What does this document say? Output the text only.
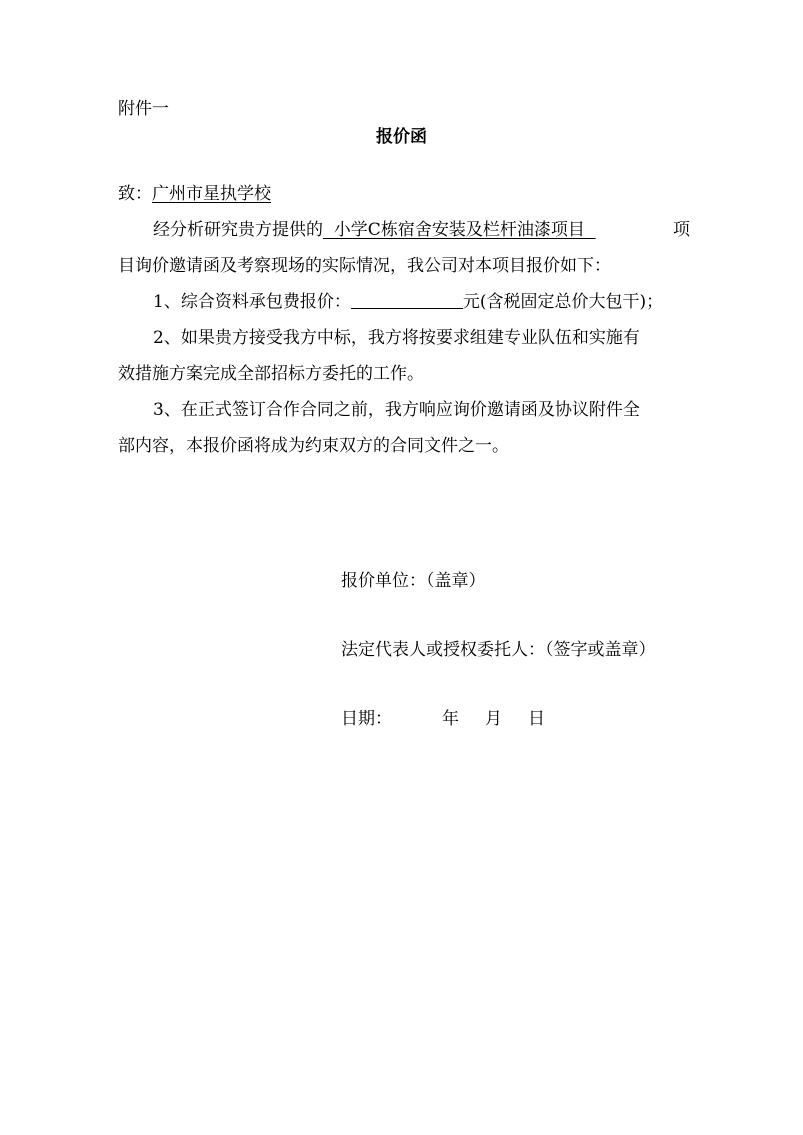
附件一
报价函
致：广州市星执学校
经分析研究贵方提供的  小学C栋宿舍安装及栏杆油漆项目	项
目询价邀请函及考察现场的实际情况，我公司对本项目报价如下：
1、综合资料承包费报价：	元(含税固定总价大包干)；
2、如果贵方接受我方中标，我方将按要求组建专业队伍和实施有
效措施方案完成全部招标方委托的工作。
3、在正式签订合作合同之前，我方响应询价邀请函及协议附件全
部内容，本报价函将成为约束双方的合同文件之一。
报价单位：（盖章）
法定代表人或授权委托人：（签字或盖章）
日期：	年 月 日
